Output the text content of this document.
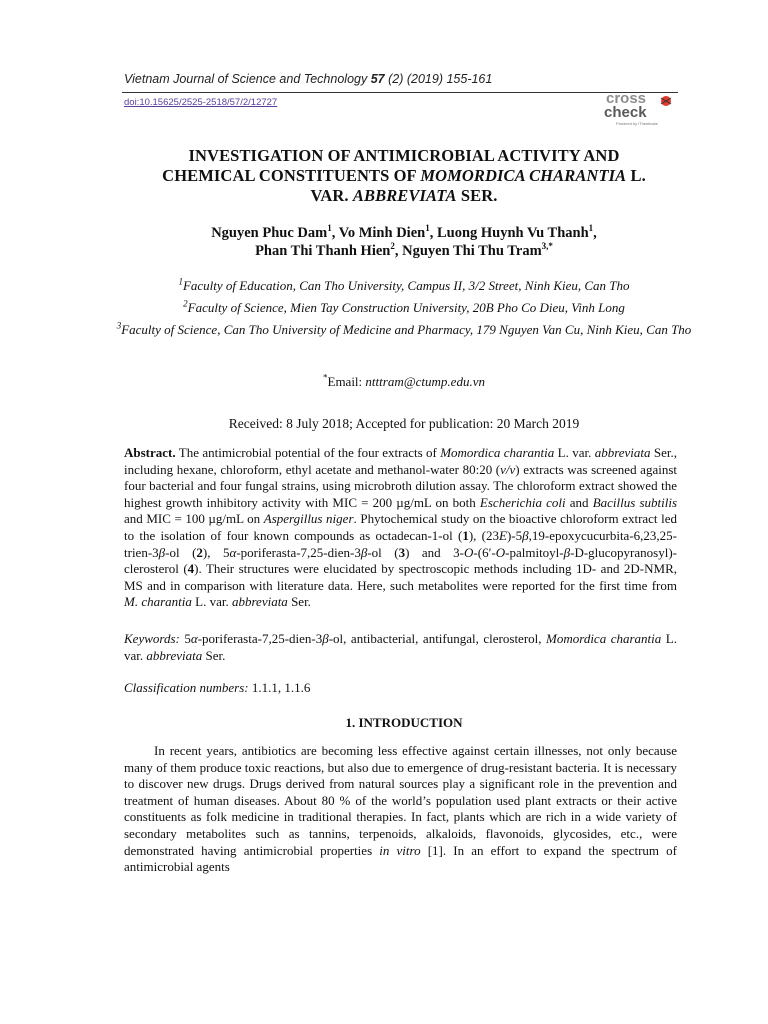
Vietnam Journal of Science and Technology 57 (2) (2019) 155-161
doi:10.15625/2525-2518/57/2/12727	cross
check
Powered by iThenticate
INVESTIGATION OF ANTIMICROBIAL ACTIVITY AND
CHEMICAL CONSTITUENTS OF MOMORDICA CHARANTIA L.
VAR. ABBREVIATA SER.
Nguyen Phuc Dam$^1$, Vo Minh Dien$^1$, Luong Huynh Vu Thanh$^1$,
Phan Thi Thanh Hien$^2$, Nguyen Thi Thu Tram$^{3,*}$
$^1$Faculty of Education, Can Tho University, Campus II, 3/2 Street, Ninh Kieu, Can Tho
$^2$Faculty of Science, Mien Tay Construction University, 20B Pho Co Dieu, Vinh Long
$^3$Faculty of Science, Can Tho University of Medicine and Pharmacy, 179 Nguyen Van Cu, Ninh Kieu, Can Tho
*Email: ntttram@ctump.edu.vn
Received: 8 July 2018; Accepted for publication: 20 March 2019
Abstract. The antimicrobial potential of the four extracts of Momordica charantia L. var. abbreviata Ser., including hexane, chloroform, ethyl acetate and methanol-water 80:20 (v/v) extracts was screened against four bacterial and four fungal strains, using microbroth dilution assay. The chloroform extract showed the highest growth inhibitory activity with MIC = 200 µg/mL on both Escherichia coli and Bacillus subtilis and MIC = 100 µg/mL on Aspergillus niger. Phytochemical study on the bioactive chloroform extract led to the isolation of four known compounds as octadecan-1-ol (1), (23E)-5β,19-epoxycucurbita-6,23,25-trien-3β-ol (2), 5α-poriferasta-7,25-dien-3β-ol (3) and 3-O-(6′-O-palmitoyl-β-D-glucopyranosyl)-clerosterol (4). Their structures were elucidated by spectroscopic methods including 1D- and 2D-NMR, MS and in comparison with literature data. Here, such metabolites were reported for the first time from M. charantia L. var. abbreviata Ser.
Keywords: 5α-poriferasta-7,25-dien-3β-ol, antibacterial, antifungal, clerosterol, Momordica charantia L. var. abbreviata Ser.
Classification numbers: 1.1.1, 1.1.6
1. INTRODUCTION
In recent years, antibiotics are becoming less effective against certain illnesses, not only because many of them produce toxic reactions, but also due to emergence of drug-resistant bacteria. It is necessary to discover new drugs. Drugs derived from natural sources play a significant role in the prevention and treatment of human diseases. About 80 % of the world’s population used plant extracts or their active constituents as folk medicine in traditional therapies. In fact, plants which are rich in a wide variety of secondary metabolites such as tannins, terpenoids, alkaloids, flavonoids, glycosides, etc., were demonstrated having antimicrobial properties in vitro [1]. In an effort to expand the spectrum of antimicrobial agents
